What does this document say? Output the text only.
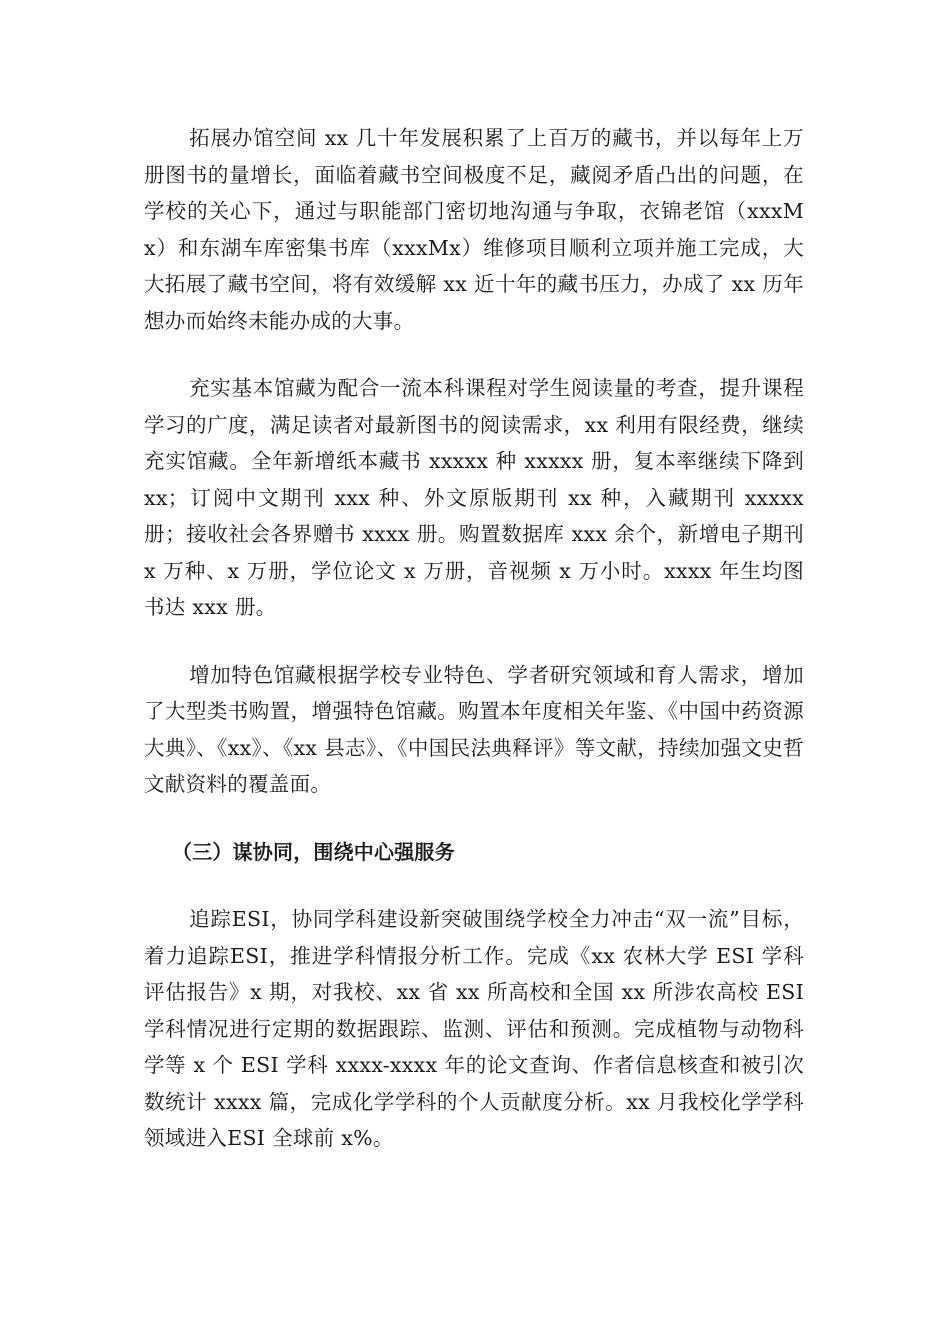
拓展办馆空间 xx 几十年发展积累了上百万的藏书，并以每年上万册图书的量增长，面临着藏书空间极度不足，藏阅矛盾凸出的问题，在学校的关心下，通过与职能部门密切地沟通与争取，衣锦老馆（xxxMx）和东湖车库密集书库（xxxMx）维修项目顺利立项并施工完成，大大拓展了藏书空间，将有效缓解 xx 近十年的藏书压力，办成了 xx 历年想办而始终未能办成的大事。

充实基本馆藏为配合一流本科课程对学生阅读量的考查，提升课程学习的广度，满足读者对最新图书的阅读需求，xx 利用有限经费，继续充实馆藏。全年新增纸本藏书 xxxxx 种 xxxxx 册，复本率继续下降到 xx；订阅中文期刊 xxx 种、外文原版期刊 xx 种，入藏期刊 xxxxx 册；接收社会各界赠书 xxxx 册。购置数据库 xxx 余个，新增电子期刊 x 万种、x 万册，学位论文 x 万册，音视频 x 万小时。xxxx 年生均图书达 xxx 册。

增加特色馆藏根据学校专业特色、学者研究领域和育人需求，增加了大型类书购置，增强特色馆藏。购置本年度相关年鉴、《中国中药资源大典》、《xx》、《xx 县志》、《中国民法典释评》等文献，持续加强文史哲文献资料的覆盖面。

（三）谋协同，围绕中心强服务

追踪ESI，协同学科建设新突破围绕学校全力冲击“双一流”目标，着力追踪ESI，推进学科情报分析工作。完成《xx 农林大学 ESI 学科评估报告》x 期，对我校、xx 省 xx 所高校和全国 xx 所涉农高校 ESI 学科情况进行定期的数据跟踪、监测、评估和预测。完成植物与动物科学等 x 个 ESI 学科 xxxx-xxxx 年的论文查询、作者信息核查和被引次数统计 xxxx 篇，完成化学学科的个人贡献度分析。xx 月我校化学学科领域进入ESI 全球前 x%。
